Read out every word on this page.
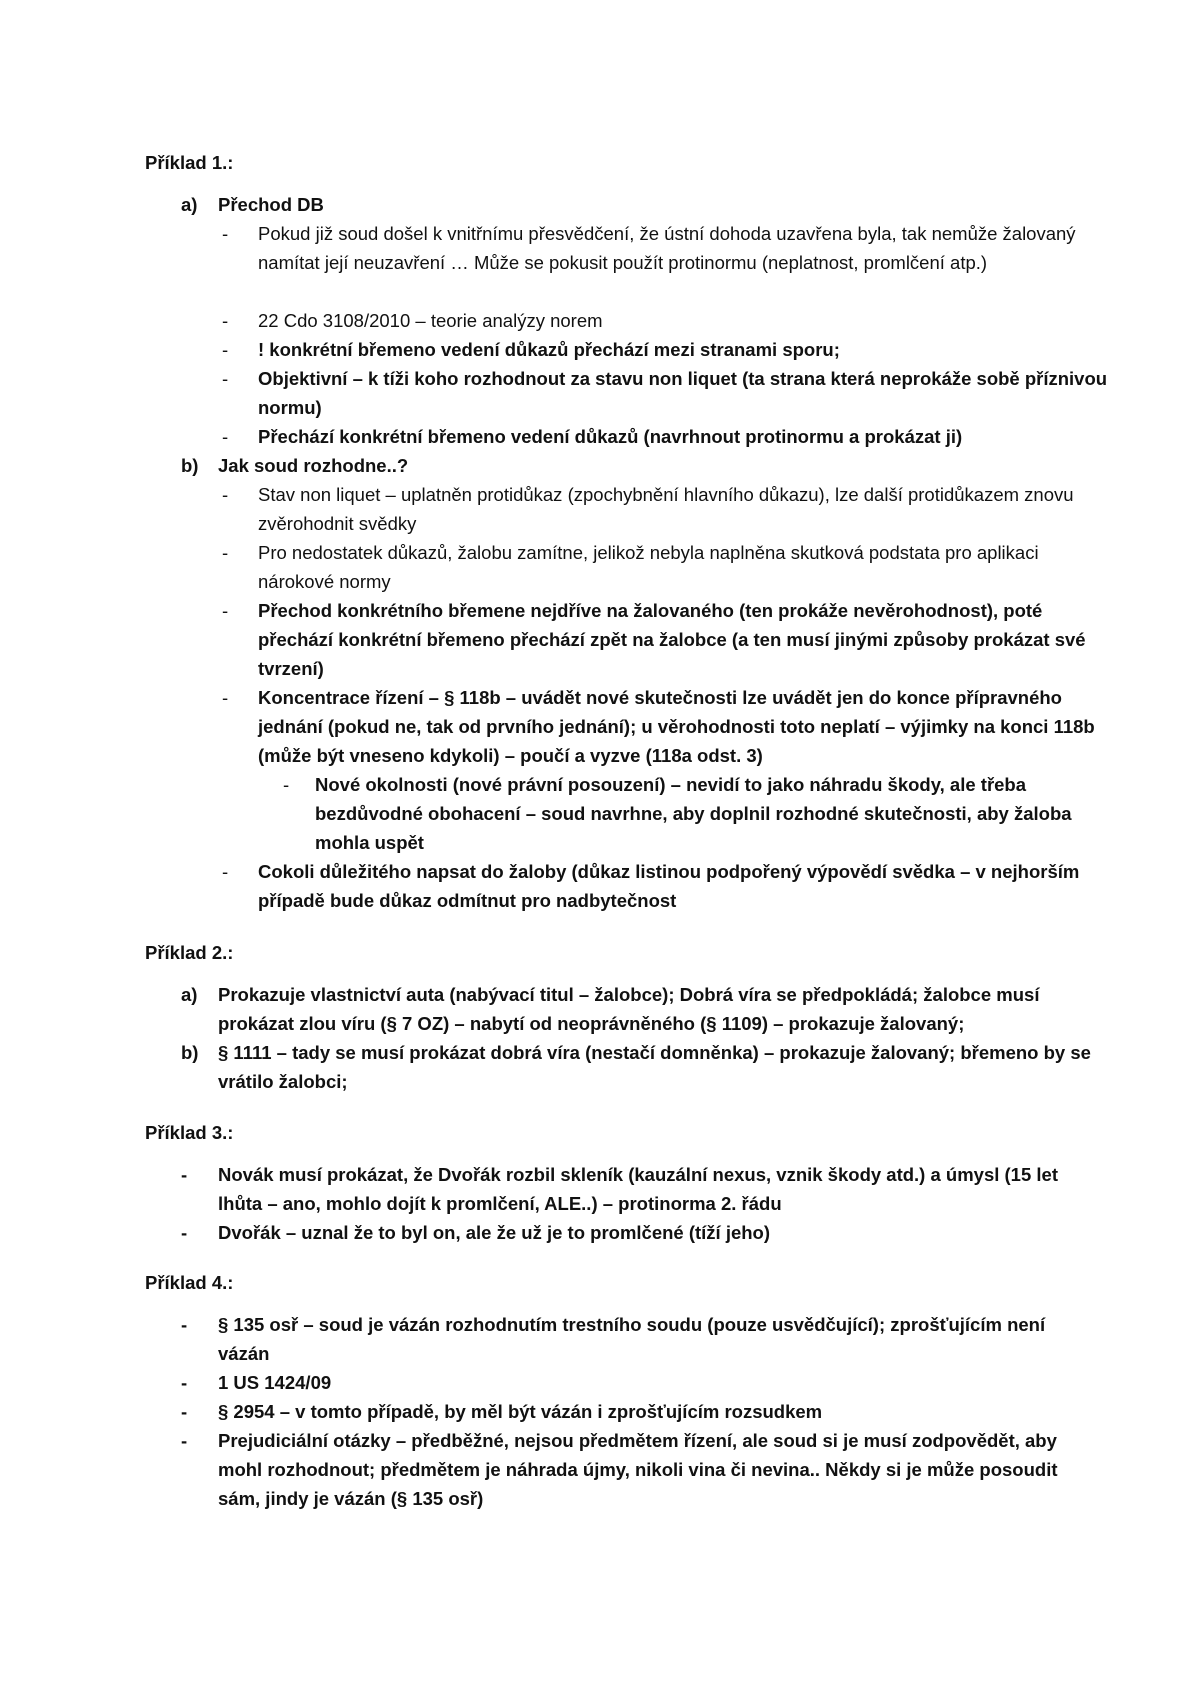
Příklad 1.:
a) Přechod DB
- Pokud již soud došel k vnitřnímu přesvědčení, že ústní dohoda uzavřena byla, tak nemůže žalovaný namítat její neuzavření … Může se pokusit použít protinormu (neplatnost, promlčení atp.)
- 22 Cdo 3108/2010 – teorie analýzy norem
- ! konkrétní břemeno vedení důkazů přechází mezi stranami sporu;
- Objektivní – k tíži koho rozhodnout za stavu non liquet (ta strana která neprokáže sobě příznivou normu)
- Přechází konkrétní břemeno vedení důkazů (navrhnout protinormu a prokázat ji)
b) Jak soud rozhodne..?
- Stav non liquet – uplatněn protidůkaz (zpochybnění hlavního důkazu), lze další protidůkazem znovu zvěrohodnit svědky
- Pro nedostatek důkazů, žalobu zamítne, jelikož nebyla naplněna skutková podstata pro aplikaci nárokové normy
- Přechod konkrétního břemene nejdříve na žalovaného (ten prokáže nevěrohodnost), poté přechází konkrétní břemeno přechází zpět na žalobce (a ten musí jinými způsoby prokázat své tvrzení)
- Koncentrace řízení – § 118b – uvádět nové skutečnosti lze uvádět jen do konce přípravného jednání (pokud ne, tak od prvního jednání); u věrohodnosti toto neplatí – výjimky na konci 118b (může být vneseno kdykoli) – poučí a vyzve (118a odst. 3)
- Nové okolnosti (nové právní posouzení) – nevidí to jako náhradu škody, ale třeba bezdůvodné obohacení – soud navrhne, aby doplnil rozhodné skutečnosti, aby žaloba mohla uspět
- Cokoli důležitého napsat do žaloby (důkaz listinou podpořený výpovědí svědka – v nejhorším případě bude důkaz odmítnut pro nadbytečnost
Příklad 2.:
a) Prokazuje vlastnictví auta (nabývací titul – žalobce); Dobrá víra se předpokládá; žalobce musí prokázat zlou víru (§ 7 OZ) – nabytí od neoprávněného (§ 1109) – prokazuje žalovaný;
b) § 1111 – tady se musí prokázat dobrá víra (nestačí domněnka) – prokazuje žalovaný; břemeno by se vrátilo žalobci;
Příklad 3.:
- Novák musí prokázat, že Dvořák rozbil skleník (kauzální nexus, vznik škody atd.) a úmysl (15 let lhůta – ano, mohlo dojít k promlčení, ALE..) – protinorma 2. řádu
- Dvořák – uznal že to byl on, ale že už je to promlčené (tíží jeho)
Příklad 4.:
- § 135 osř – soud je vázán rozhodnutím trestního soudu (pouze usvědčující); zprošťujícím není vázán
- 1 US 1424/09
- § 2954 – v tomto případě, by měl být vázán i zprošťujícím rozsudkem
- Prejudiciální otázky – předběžné, nejsou předmětem řízení, ale soud si je musí zodpovědět, aby mohl rozhodnout; předmětem je náhrada újmy, nikoli vina či nevina.. Někdy si je může posoudit sám, jindy je vázán (§ 135 osř)
